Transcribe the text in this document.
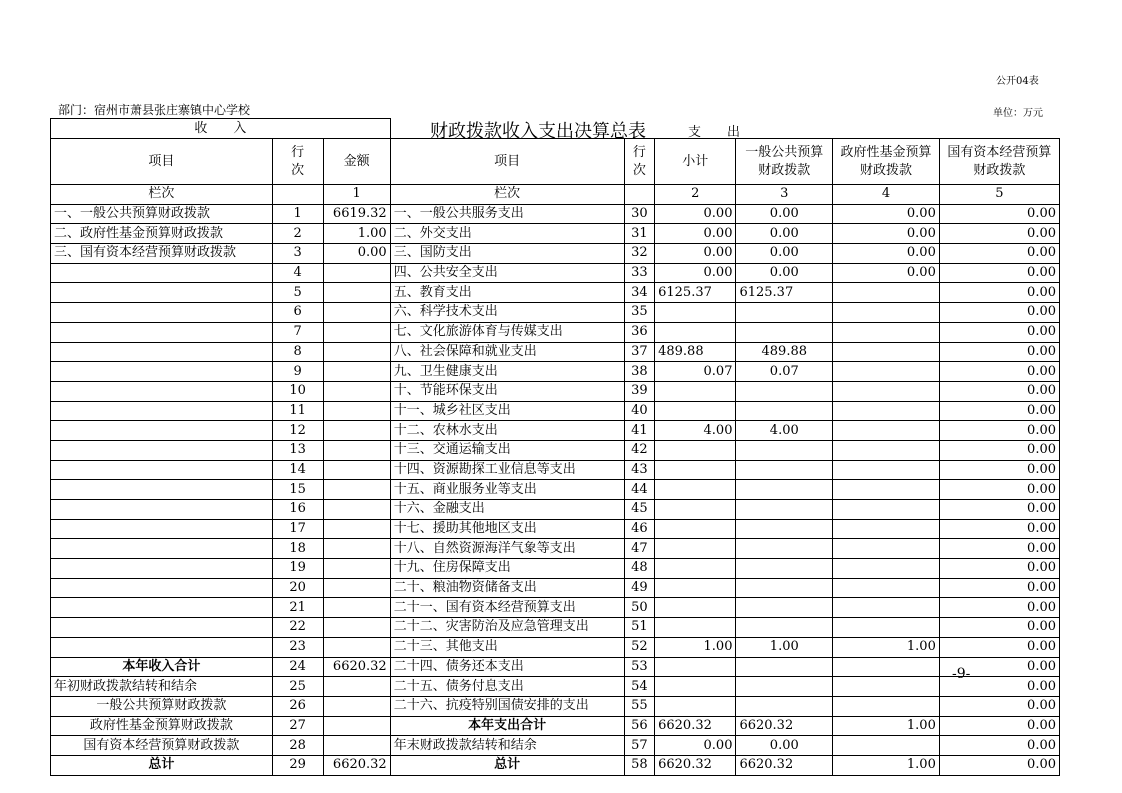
公开04表
部门：宿州市萧县张庄寨镇中心学校	单位：万元
收　　入								
项目	行次	金额	项目	行次	小计	一般公共预算财政拨款	政府性基金预算财政拨款	国有资本经营预算财政拨款
栏次		1	栏次		2	3	4	5
一、一般公共预算财政拨款	1	6619.32	一、一般公共服务支出	30	0.00	0.00	0.00	0.00
二、政府性基金预算财政拨款	2	1.00	二、外交支出	31	0.00	0.00	0.00	0.00
三、国有资本经营预算财政拨款	3	0.00	三、国防支出	32	0.00	0.00	0.00	0.00
	4		四、公共安全支出	33	0.00	0.00	0.00	0.00
	5		五、教育支出	34	6125.37	6125.37		0.00
	6		六、科学技术支出	35				0.00
	7		七、文化旅游体育与传媒支出	36				0.00
	8		八、社会保障和就业支出	37	489.88	489.88		0.00
	9		九、卫生健康支出	38	0.07	0.07		0.00
	10		十、节能环保支出	39				0.00
	11		十一、城乡社区支出	40				0.00
	12		十二、农林水支出	41	4.00	4.00		0.00
	13		十三、交通运输支出	42				0.00
	14		十四、资源勘探工业信息等支出	43				0.00
	15		十五、商业服务业等支出	44				0.00
	16		十六、金融支出	45				0.00
	17		十七、援助其他地区支出	46				0.00
	18		十八、自然资源海洋气象等支出	47				0.00
	19		十九、住房保障支出	48				0.00
	20		二十、粮油物资储备支出	49				0.00
	21		二十一、国有资本经营预算支出	50				0.00
	22		二十二、灾害防治及应急管理支出	51				0.00
	23		二十三、其他支出	52	1.00	1.00	1.00	0.00
本年收入合计	24	6620.32	二十四、债务还本支出	53				0.00
年初财政拨款结转和结余	25		二十五、债务付息支出	54				0.00
一般公共预算财政拨款	26		二十六、抗疫特别国债安排的支出	55				0.00
政府性基金预算财政拨款	27		本年支出合计	56	6620.32	6620.32	1.00	0.00
国有资本经营预算财政拨款	28		年末财政拨款结转和结余	57	0.00	0.00		0.00
总计	29	6620.32	总计	58	6620.32	6620.32	1.00	0.00
财政拨款收入支出决算总表	支　　出
-9-
